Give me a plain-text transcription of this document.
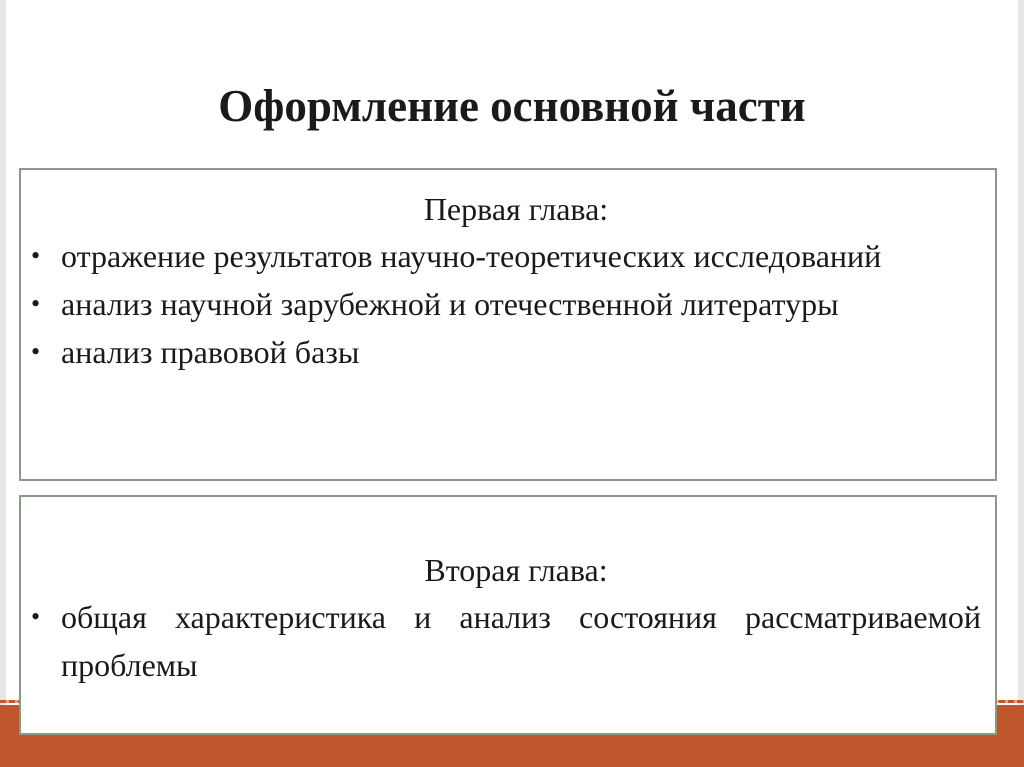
Оформление основной части
Первая глава:
• отражение результатов научно-теоретических исследований
• анализ научной зарубежной и отечественной литературы
• анализ правовой базы
Вторая глава:
• общая характеристика и анализ состояния рассматриваемой проблемы
